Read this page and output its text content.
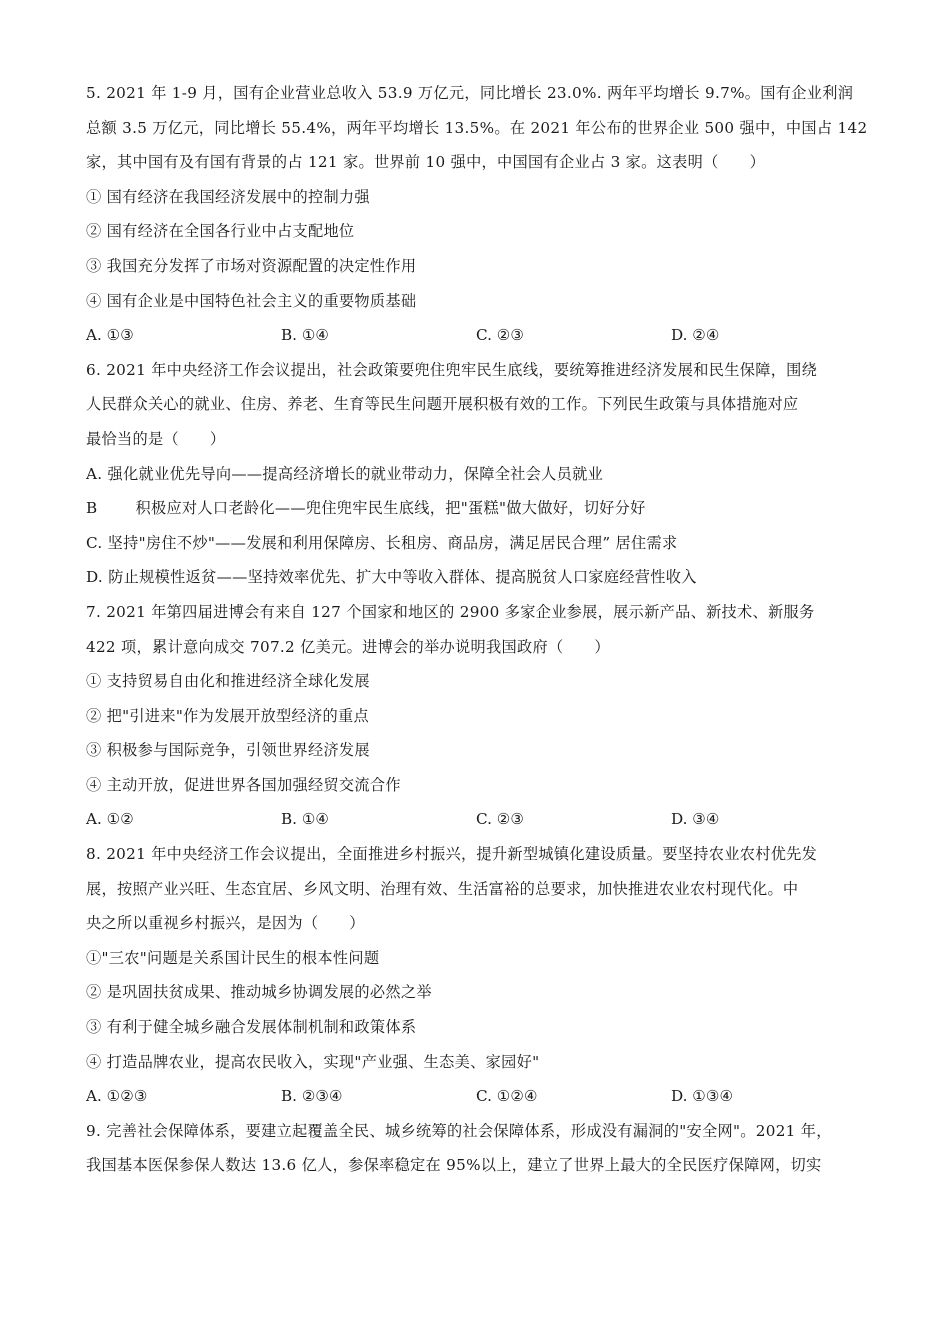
5. 2021 年 1-9 月，国有企业营业总收入 53.9 万亿元，同比增长 23.0%. 两年平均增长 9.7%。国有企业利润
总额 3.5 万亿元，同比增长 55.4%，两年平均增长 13.5%。在 2021 年公布的世界企业 500 强中，中国占 142
家，其中国有及有国有背景的占 121 家。世界前 10 强中，中国国有企业占 3 家。这表明（　　）
① 国有经济在我国经济发展中的控制力强
② 国有经济在全国各行业中占支配地位
③ 我国充分发挥了市场对资源配置的决定性作用
④ 国有企业是中国特色社会主义的重要物质基础
A. ①③	B. ①④	C. ②③	D. ②④
6. 2021 年中央经济工作会议提出，社会政策要兜住兜牢民生底线，要统筹推进经济发展和民生保障，围绕
人民群众关心的就业、住房、养老、生育等民生问题开展积极有效的工作。下列民生政策与具体措施对应
最恰当的是（　　）
A. 强化就业优先导向——提高经济增长的就业带动力，保障全社会人员就业
B	积极应对人口老龄化——兜住兜牢民生底线，把"蛋糕"做大做好，切好分好
C. 坚持"房住不炒"——发展和利用保障房、长租房、商品房，满足居民合理” 居住需求
D. 防止规模性返贫——坚持效率优先、扩大中等收入群体、提高脱贫人口家庭经营性收入
7. 2021 年第四届进博会有来自 127 个国家和地区的 2900 多家企业参展，展示新产品、新技术、新服务
422 项，累计意向成交 707.2 亿美元。进博会的举办说明我国政府（　　）
① 支持贸易自由化和推进经济全球化发展
② 把"引进来"作为发展开放型经济的重点
③ 积极参与国际竞争，引领世界经济发展
④ 主动开放，促进世界各国加强经贸交流合作
A. ①②	B. ①④	C. ②③	D. ③④
8. 2021 年中央经济工作会议提出，全面推进乡村振兴，提升新型城镇化建设质量。要坚持农业农村优先发
展，按照产业兴旺、生态宜居、乡风文明、治理有效、生活富裕的总要求，加快推进农业农村现代化。中
央之所以重视乡村振兴，是因为（　　）
①"三农"问题是关系国计民生的根本性问题
② 是巩固扶贫成果、推动城乡协调发展的必然之举
③ 有利于健全城乡融合发展体制机制和政策体系
④ 打造品牌农业，提高农民收入，实现"产业强、生态美、家园好"
A. ①②③	B. ②③④	C. ①②④	D. ①③④
9. 完善社会保障体系，要建立起覆盖全民、城乡统筹的社会保障体系，形成没有漏洞的"安全网"。2021 年，
我国基本医保参保人数达 13.6 亿人，参保率稳定在 95%以上，建立了世界上最大的全民医疗保障网，切实
